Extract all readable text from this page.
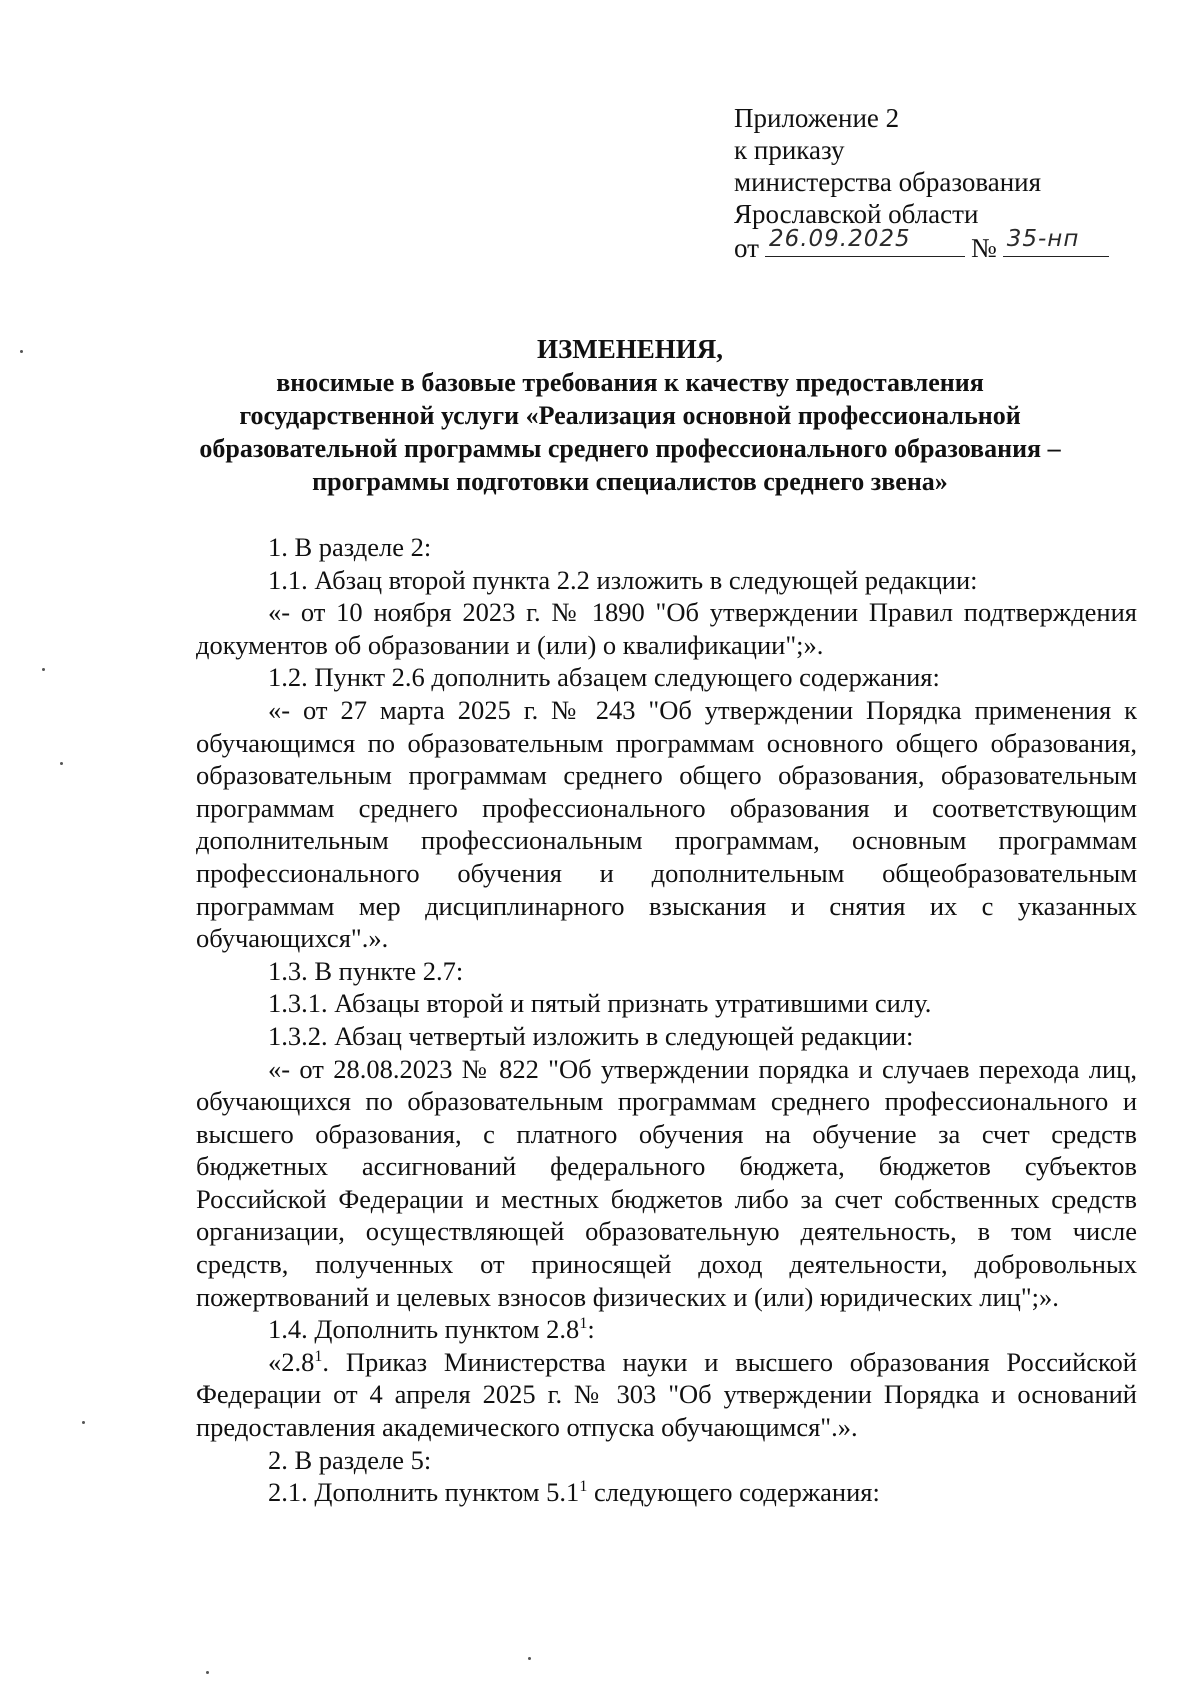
Приложение 2
к приказу
министерства образования
Ярославской области
от 26.09.2025 № 35-нп
ИЗМЕНЕНИЯ,
вносимые в базовые требования к качеству предоставления
государственной услуги «Реализация основной профессиональной
образовательной программы среднего профессионального образования –
программы подготовки специалистов среднего звена»

1. В разделе 2:

1.1. Абзац второй пункта 2.2 изложить в следующей редакции:

«- от 10 ноября 2023 г. № 1890 "Об утверждении Правил подтверждения документов об образовании и (или) о квалификации";».

1.2. Пункт 2.6 дополнить абзацем следующего содержания:

«- от 27 марта 2025 г. № 243 "Об утверждении Порядка применения к обучающимся по образовательным программам основного общего образования, образовательным программам среднего общего образования, образовательным программам среднего профессионального образования и соответствующим дополнительным профессиональным программам, основным программам профессионального обучения и дополнительным общеобразовательным программам мер дисциплинарного взыскания и снятия их с указанных обучающихся".».

1.3. В пункте 2.7:

1.3.1. Абзацы второй и пятый признать утратившими силу.

1.3.2. Абзац четвертый изложить в следующей редакции:

«- от 28.08.2023 № 822 "Об утверждении порядка и случаев перехода лиц, обучающихся по образовательным программам среднего профессионального и высшего образования, с платного обучения на обучение за счет средств бюджетных ассигнований федерального бюджета, бюджетов субъектов Российской Федерации и местных бюджетов либо за счет собственных средств организации, осуществляющей образовательную деятельность, в том числе средств, полученных от приносящей доход деятельности, добровольных пожертвований и целевых взносов физических и (или) юридических лиц";».

1.4. Дополнить пунктом $2.8^1$:

«$2.8^1$. Приказ Министерства науки и высшего образования Российской Федерации от 4 апреля 2025 г. № 303 "Об утверждении Порядка и оснований предоставления академического отпуска обучающимся".».

2. В разделе 5:

2.1. Дополнить пунктом $5.1^1$ следующего содержания:
